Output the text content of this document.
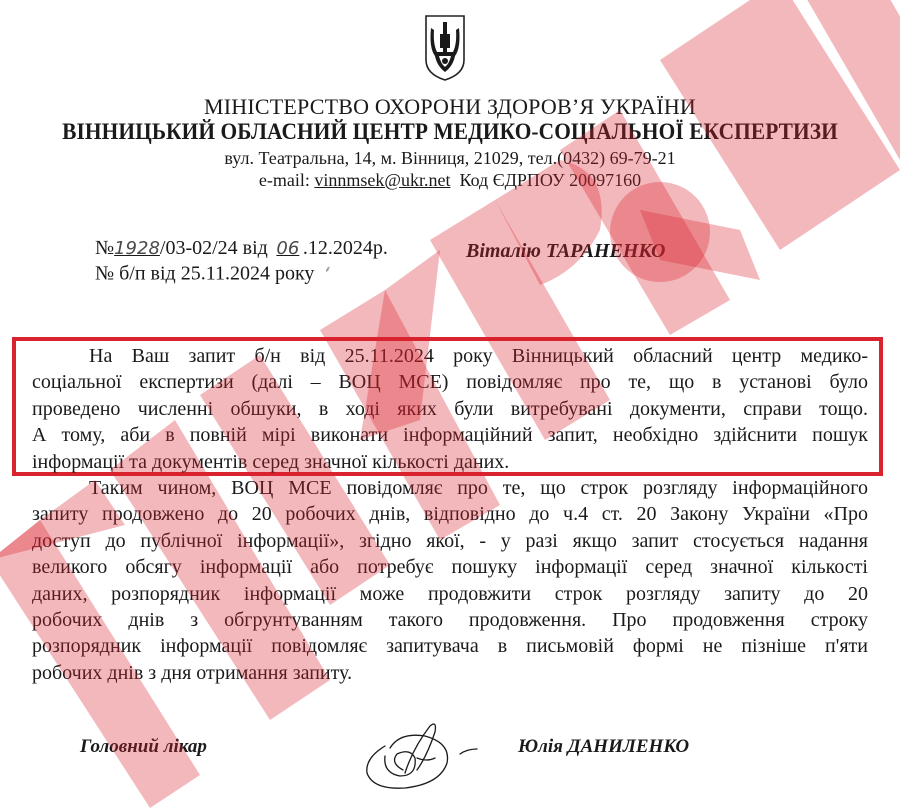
МІНІСТЕРСТВО ОХОРОНИ ЗДОРОВ’Я УКРАЇНИ
ВІННИЦЬКИЙ ОБЛАСНИЙ ЦЕНТР МЕДИКО-СОЦІАЛЬНОЇ ЕКСПЕРТИЗИ
вул. Театральна, 14, м. Вінниця, 21029, тел.(0432) 69-79-21
e-mail: vinnmsek@ukr.net  Код ЄДРПОУ 20097160
№1928/03-02/24 від 06 .12.2024р.
№ б/п від 25.11.2024 року ⸙
Віталію ТАРАНЕНКО
На Ваш запит б/н від 25.11.2024 року Вінницький обласний центр медико-
соціальної експертизи (далі – ВОЦ МСЕ) повідомляє про те, що в установі було
проведено численні обшуки, в ході яких були витребувані документи, справи тощо.
А тому, аби в повній мірі виконати інформаційний запит, необхідно здійснити пошук
інформації та документів серед значної кількості даних.
Таким чином, ВОЦ МСЕ повідомляє про те, що строк розгляду інформаційного
запиту продовжено до 20 робочих днів, відповідно до ч.4 ст. 20 Закону України «Про
доступ до публічної інформації», згідно якої, - у разі якщо запит стосується надання
великого обсягу інформації або потребує пошуку інформації серед значної кількості
даних, розпорядник інформації може продовжити строк розгляду запиту до 20
робочих днів з обгрунтуванням такого продовження. Про продовження строку
розпорядник інформації повідомляє запитувача в письмовій формі не пізніше п'яти
робочих днів з дня отримання запиту.
Головний лікар	Юлія ДАНИЛЕНКО
